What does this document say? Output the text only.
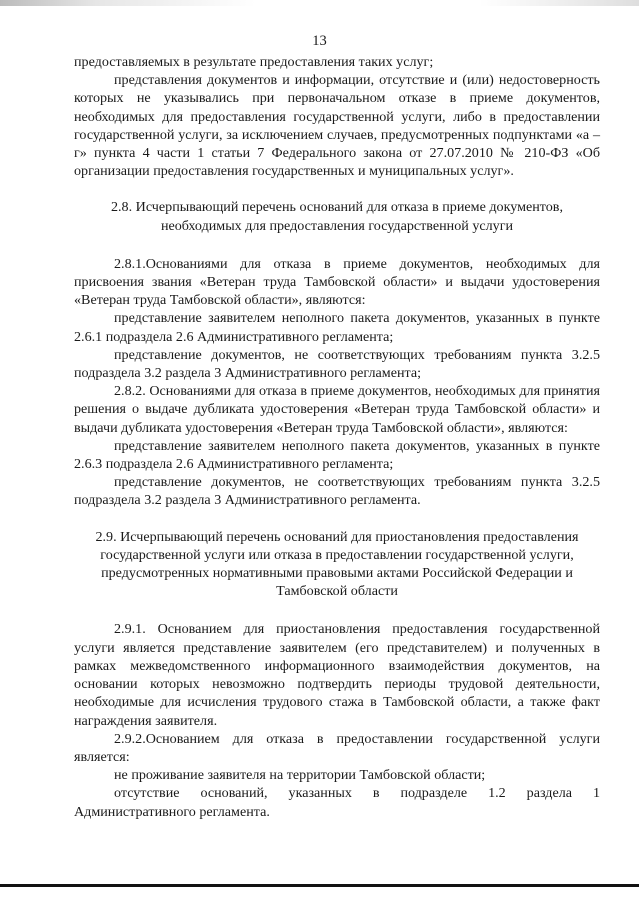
13

предоставляемых в результате предоставления таких услуг;

представления документов и информации, отсутствие и (или) недостоверность которых не указывались при первоначальном отказе в приеме документов, необходимых для предоставления государственной услуги, либо в предоставлении государственной услуги, за исключением случаев, предусмотренных подпунктами «а – г» пункта 4 части 1 статьи 7 Федерального закона от 27.07.2010 № 210-ФЗ «Об организации предоставления государственных и муниципальных услуг».

2.8. Исчерпывающий перечень оснований для отказа в приеме документов, необходимых для предоставления государственной услуги

2.8.1.Основаниями для отказа в приеме документов, необходимых для присвоения звания «Ветеран труда Тамбовской области» и выдачи удостоверения «Ветеран труда Тамбовской области», являются:

представление заявителем неполного пакета документов, указанных в пункте 2.6.1 подраздела 2.6 Административного регламента;

представление документов, не соответствующих требованиям пункта 3.2.5 подраздела 3.2 раздела 3 Административного регламента;

2.8.2. Основаниями для отказа в приеме документов, необходимых для принятия решения о выдаче дубликата удостоверения «Ветеран труда Тамбовской области» и выдачи дубликата удостоверения «Ветеран труда Тамбовской области», являются:

представление заявителем неполного пакета документов, указанных в пункте 2.6.3 подраздела 2.6 Административного регламента;

представление документов, не соответствующих требованиям пункта 3.2.5 подраздела 3.2 раздела 3 Административного регламента.

2.9. Исчерпывающий перечень оснований для приостановления предоставления государственной услуги или отказа в предоставлении государственной услуги, предусмотренных нормативными правовыми актами Российской Федерации и Тамбовской области

2.9.1. Основанием для приостановления предоставления государственной услуги является представление заявителем (его представителем) и полученных в рамках межведомственного информационного взаимодействия документов, на основании которых невозможно подтвердить периоды трудовой деятельности, необходимые для исчисления трудового стажа в Тамбовской области, а также факт награждения заявителя.

2.9.2.Основанием для отказа в предоставлении государственной услуги является:

не проживание заявителя на территории Тамбовской области;

отсутствие оснований, указанных в подразделе 1.2 раздела 1 Административного регламента.
